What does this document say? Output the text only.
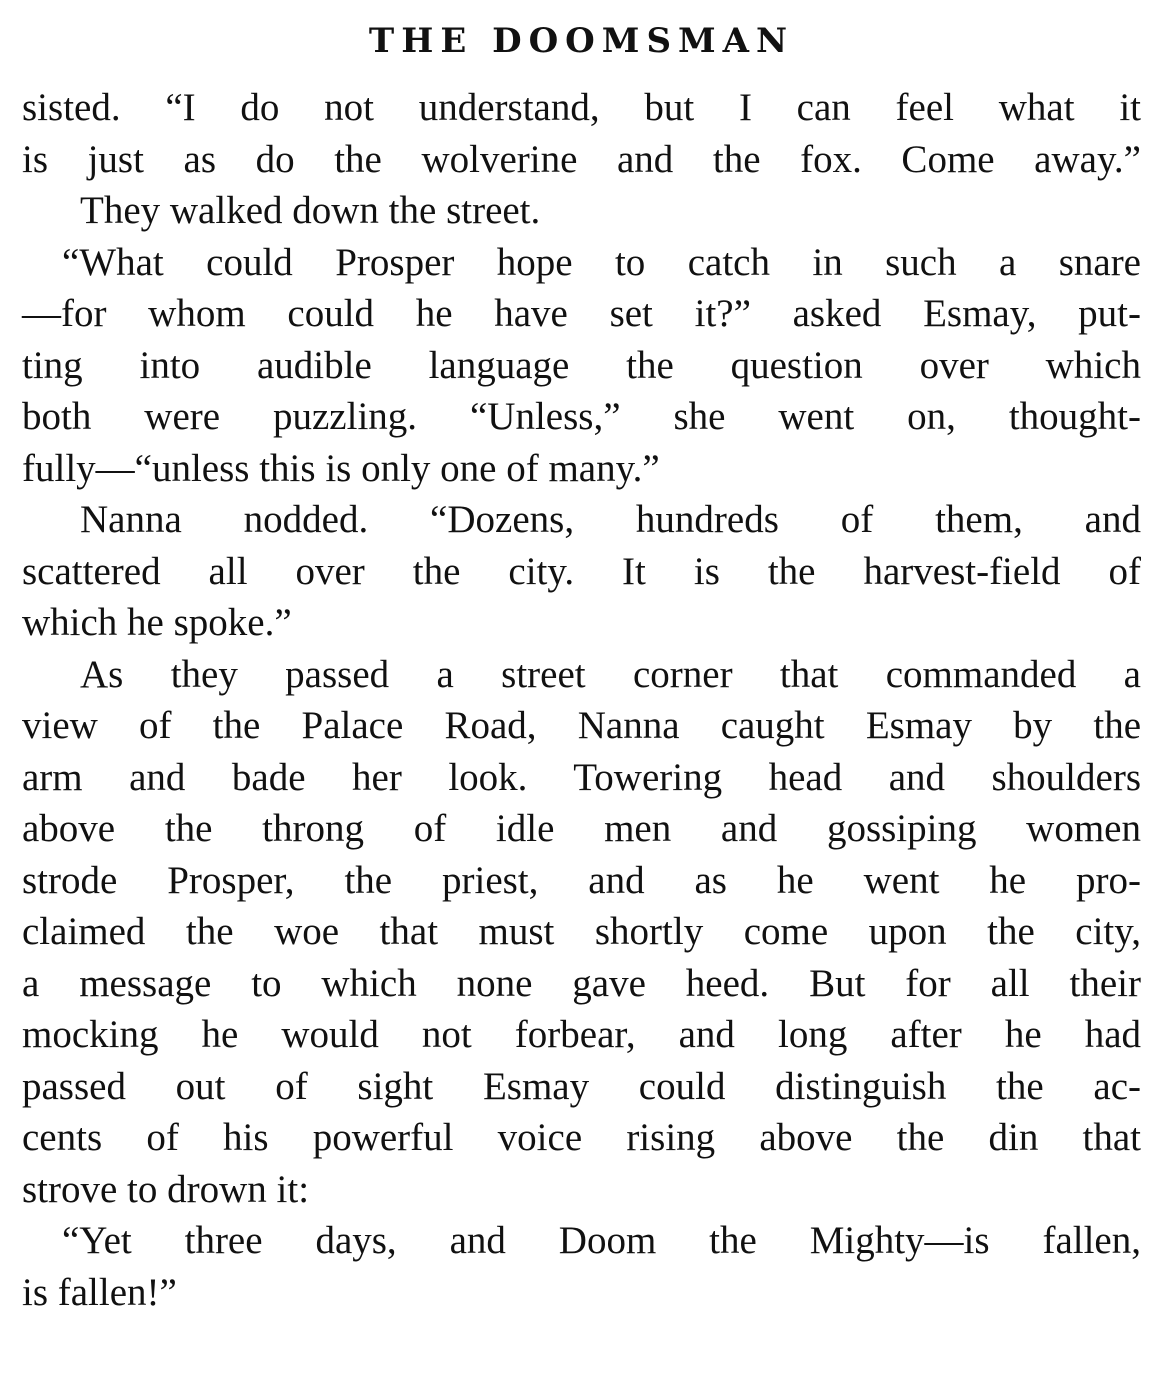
THE DOOMSMAN
sisted. “I do not understand, but I can feel what it
is just as do the wolverine and the fox. Come away.”
They walked down the street.
“What could Prosper hope to catch in such a snare
—for whom could he have set it?” asked Esmay, put-
ting into audible language the question over which
both were puzzling. “Unless,” she went on, thought-
fully—“unless this is only one of many.”
Nanna nodded. “Dozens, hundreds of them, and
scattered all over the city. It is the harvest-field of
which he spoke.”
As they passed a street corner that commanded a
view of the Palace Road, Nanna caught Esmay by the
arm and bade her look. Towering head and shoulders
above the throng of idle men and gossiping women
strode Prosper, the priest, and as he went he pro-
claimed the woe that must shortly come upon the city,
a message to which none gave heed. But for all their
mocking he would not forbear, and long after he had
passed out of sight Esmay could distinguish the ac-
cents of his powerful voice rising above the din that
strove to drown it:
“Yet three days, and Doom the Mighty—is fallen,
is fallen!”
